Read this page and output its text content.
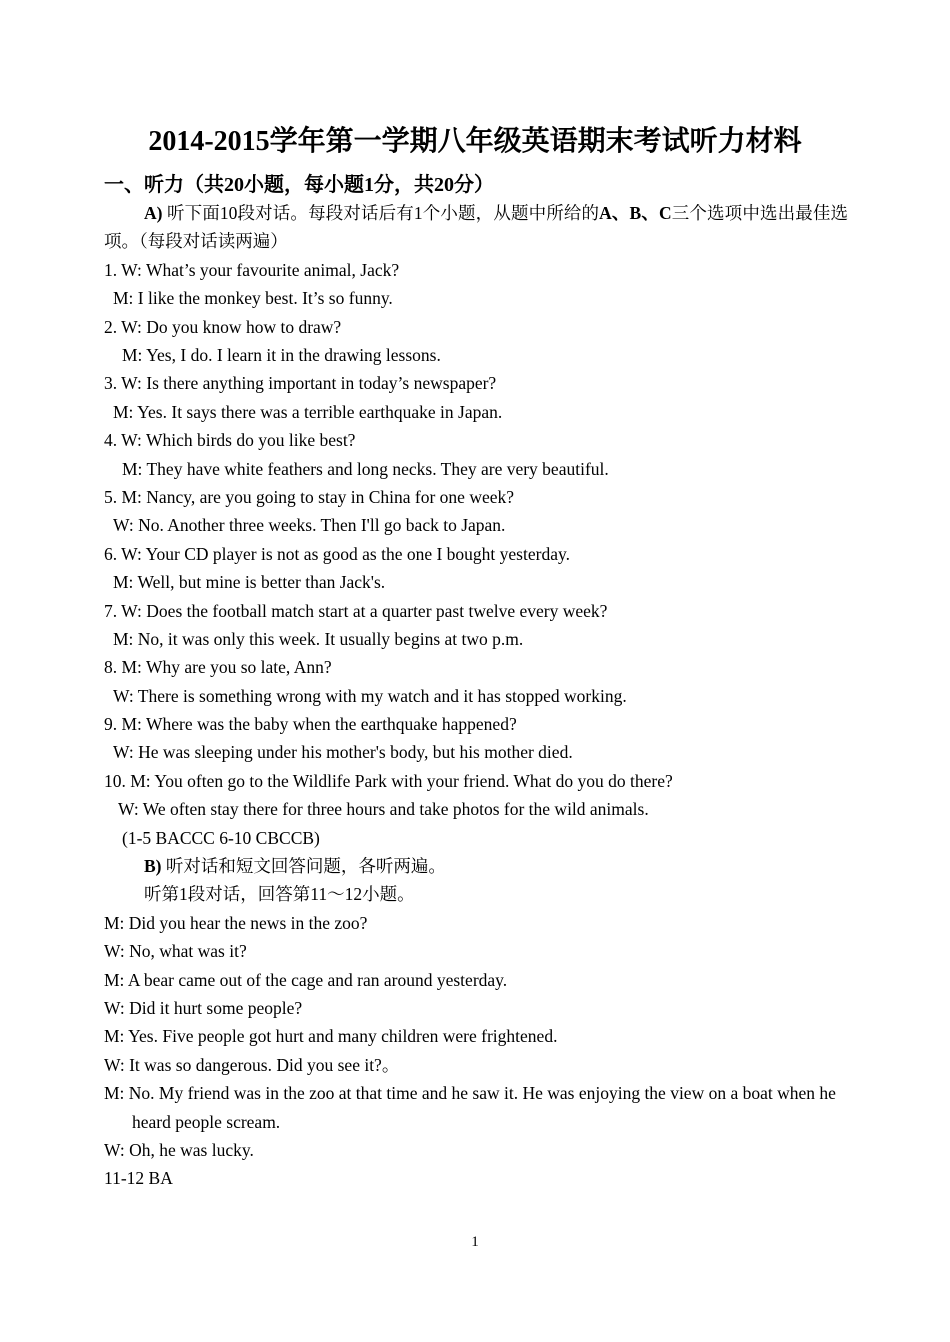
2014-2015学年第一学期八年级英语期末考试听力材料
一、听力（共20小题，每小题1分，共20分）
A) 听下面10段对话。每段对话后有1个小题，从题中所给的A、B、C三个选项中选出最佳选项。（每段对话读两遍）
1. W: What’s your favourite animal, Jack?
M: I like the monkey best. It’s so funny.
2. W: Do you know how to draw?
M: Yes, I do. I learn it in the drawing lessons.
3. W: Is there anything important in today’s newspaper?
M: Yes. It says there was a terrible earthquake in Japan.
4. W: Which birds do you like best?
M: They have white feathers and long necks. They are very beautiful.
5. M: Nancy, are you going to stay in China for one week?
W: No. Another three weeks. Then I'll go back to Japan.
6. W: Your CD player is not as good as the one I bought yesterday.
M: Well, but mine is better than Jack's.
7. W: Does the football match start at a quarter past twelve every week?
M: No, it was only this week. It usually begins at two p.m.
8. M: Why are you so late, Ann?
W: There is something wrong with my watch and it has stopped working.
9. M: Where was the baby when the earthquake happened?
W: He was sleeping under his mother's body, but his mother died.
10. M: You often go to the Wildlife Park with your friend. What do you do there?
W: We often stay there for three hours and take photos for the wild animals.
(1-5 BACCC 6-10 CBCCB)
B) 听对话和短文回答问题，各听两遍。
听第1段对话，回答第11～12小题。
M: Did you hear the news in the zoo?
W: No, what was it?
M: A bear came out of the cage and ran around yesterday.
W: Did it hurt some people?
M: Yes. Five people got hurt and many children were frightened.
W: It was so dangerous. Did you see it?。
M: No. My friend was in the zoo at that time and he saw it. He was enjoying the view on a boat when he heard people scream.
W: Oh, he was lucky.
11-12 BA
1
